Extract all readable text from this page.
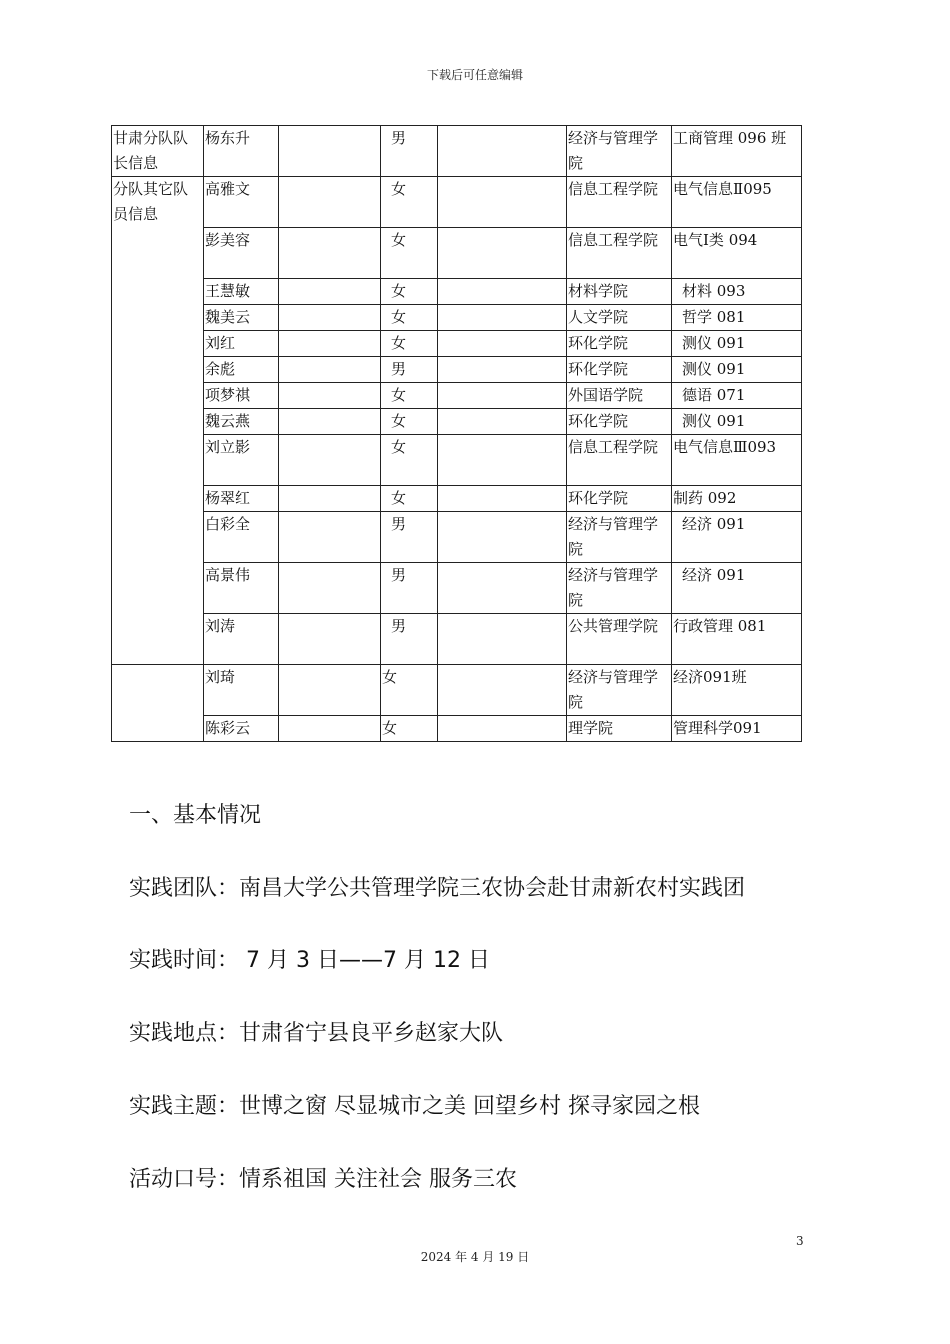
下载后可任意编辑
甘肃分队队长信息	杨东升		男		经济与管理学院	工商管理 096 班
分队其它队员信息	高雅文		女		信息工程学院	电气信息Ⅱ095
	彭美容		女		信息工程学院	电气Ⅰ类 094
	王慧敏		女		材料学院	材料 093
	魏美云		女		人文学院	哲学 081
	刘红		女		环化学院	测仪 091
	余彪		男		环化学院	测仪 091
	项梦祺		女		外国语学院	德语 071
	魏云燕		女		环化学院	测仪 091
	刘立影		女		信息工程学院	电气信息Ⅲ093
	杨翠红		女		环化学院	制药 092
	白彩全		男		经济与管理学院	经济 091
	高景伟		男		经济与管理学院	经济 091
	刘涛		男		公共管理学院	行政管理 081
	刘琦		女		经济与管理学院	经济091班
	陈彩云		女		理学院	管理科学091
一、基本情况
实践团队：南昌大学公共管理学院三农协会赴甘肃新农村实践团
实践时间： 7 月 3 日——7 月 12 日
实践地点：甘肃省宁县良平乡赵家大队
实践主题：世博之窗 尽显城市之美 回望乡村 探寻家园之根
活动口号：情系祖国 关注社会 服务三农
3
2024 年 4 月 19 日
